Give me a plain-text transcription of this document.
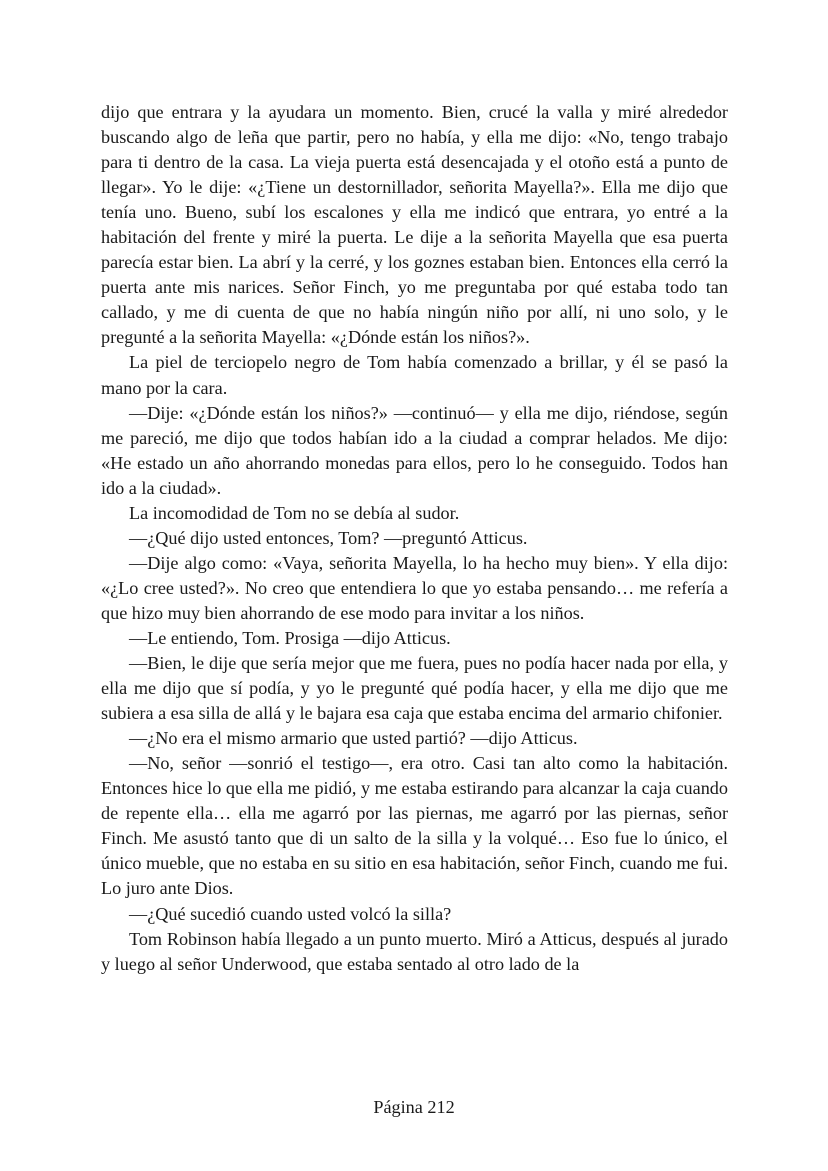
dijo que entrara y la ayudara un momento. Bien, crucé la valla y miré alrededor buscando algo de leña que partir, pero no había, y ella me dijo: «No, tengo trabajo para ti dentro de la casa. La vieja puerta está desencajada y el otoño está a punto de llegar». Yo le dije: «¿Tiene un destornillador, señorita Mayella?». Ella me dijo que tenía uno. Bueno, subí los escalones y ella me indicó que entrara, yo entré a la habitación del frente y miré la puerta. Le dije a la señorita Mayella que esa puerta parecía estar bien. La abrí y la cerré, y los goznes estaban bien. Entonces ella cerró la puerta ante mis narices. Señor Finch, yo me preguntaba por qué estaba todo tan callado, y me di cuenta de que no había ningún niño por allí, ni uno solo, y le pregunté a la señorita Mayella: «¿Dónde están los niños?».

La piel de terciopelo negro de Tom había comenzado a brillar, y él se pasó la mano por la cara.

—Dije: «¿Dónde están los niños?» —continuó— y ella me dijo, riéndose, según me pareció, me dijo que todos habían ido a la ciudad a comprar helados. Me dijo: «He estado un año ahorrando monedas para ellos, pero lo he conseguido. Todos han ido a la ciudad».

La incomodidad de Tom no se debía al sudor.

—¿Qué dijo usted entonces, Tom? —preguntó Atticus.

—Dije algo como: «Vaya, señorita Mayella, lo ha hecho muy bien». Y ella dijo: «¿Lo cree usted?». No creo que entendiera lo que yo estaba pensando… me refería a que hizo muy bien ahorrando de ese modo para invitar a los niños.

—Le entiendo, Tom. Prosiga —dijo Atticus.

—Bien, le dije que sería mejor que me fuera, pues no podía hacer nada por ella, y ella me dijo que sí podía, y yo le pregunté qué podía hacer, y ella me dijo que me subiera a esa silla de allá y le bajara esa caja que estaba encima del armario chifonier.

—¿No era el mismo armario que usted partió? —dijo Atticus.

—No, señor —sonrió el testigo—, era otro. Casi tan alto como la habitación. Entonces hice lo que ella me pidió, y me estaba estirando para alcanzar la caja cuando de repente ella… ella me agarró por las piernas, me agarró por las piernas, señor Finch. Me asustó tanto que di un salto de la silla y la volqué… Eso fue lo único, el único mueble, que no estaba en su sitio en esa habitación, señor Finch, cuando me fui. Lo juro ante Dios.

—¿Qué sucedió cuando usted volcó la silla?

Tom Robinson había llegado a un punto muerto. Miró a Atticus, después al jurado y luego al señor Underwood, que estaba sentado al otro lado de la

Página 212
